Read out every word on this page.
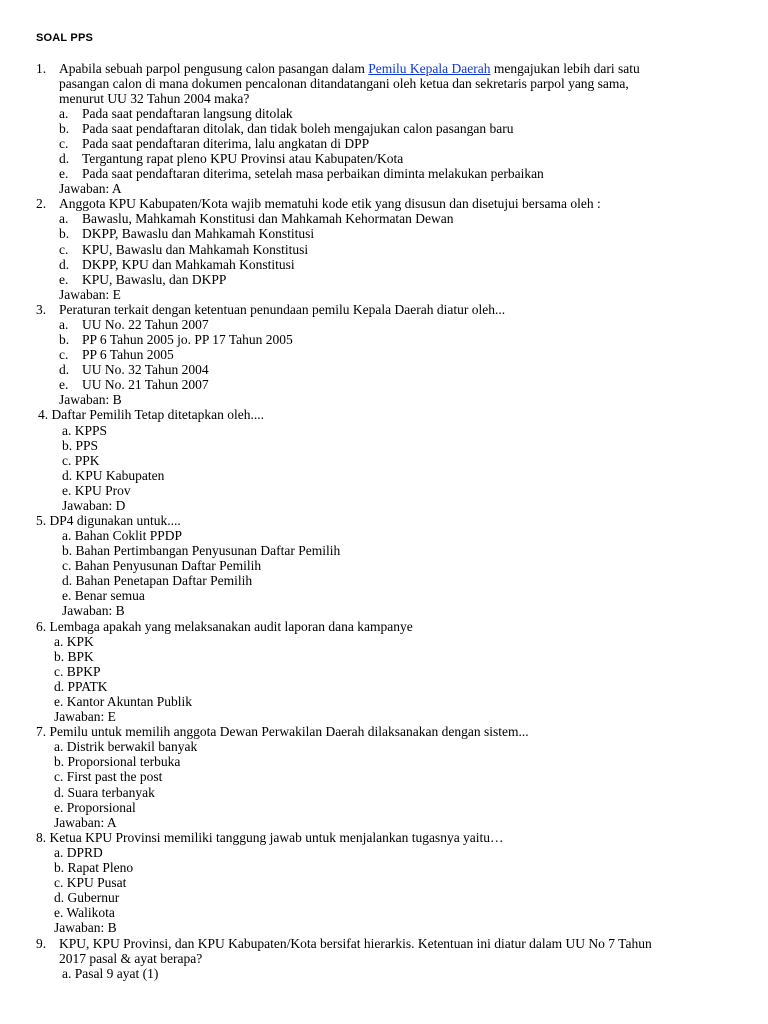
SOAL PPS
1. Apabila sebuah parpol pengusung calon pasangan dalam Pemilu Kepala Daerah mengajukan lebih dari satu
pasangan calon di mana dokumen pencalonan ditandatangani oleh ketua dan sekretaris parpol yang sama,
menurut UU 32 Tahun 2004 maka?
a. Pada saat pendaftaran langsung ditolak
b. Pada saat pendaftaran ditolak, dan tidak boleh mengajukan calon pasangan baru
c. Pada saat pendaftaran diterima, lalu angkatan di DPP
d. Tergantung rapat pleno KPU Provinsi atau Kabupaten/Kota
e. Pada saat pendaftaran diterima, setelah masa perbaikan diminta melakukan perbaikan
Jawaban: A
2. Anggota KPU Kabupaten/Kota wajib mematuhi kode etik yang disusun dan disetujui bersama oleh :
a. Bawaslu, Mahkamah Konstitusi dan Mahkamah Kehormatan Dewan
b. DKPP, Bawaslu dan Mahkamah Konstitusi
c. KPU, Bawaslu dan Mahkamah Konstitusi
d. DKPP, KPU dan Mahkamah Konstitusi
e. KPU, Bawaslu, dan DKPP
Jawaban: E
3. Peraturan terkait dengan ketentuan penundaan pemilu Kepala Daerah diatur oleh...
a. UU No. 22 Tahun 2007
b. PP 6 Tahun 2005 jo. PP 17 Tahun 2005
c. PP 6 Tahun 2005
d. UU No. 32 Tahun 2004
e. UU No. 21 Tahun 2007
Jawaban: B
4. Daftar Pemilih Tetap ditetapkan oleh....
a. KPPS
b. PPS
c. PPK
d. KPU Kabupaten
e. KPU Prov
Jawaban: D
5. DP4 digunakan untuk....
a. Bahan Coklit PPDP
b. Bahan Pertimbangan Penyusunan Daftar Pemilih
c. Bahan Penyusunan Daftar Pemilih
d. Bahan Penetapan Daftar Pemilih
e. Benar semua
Jawaban: B
6. Lembaga apakah yang melaksanakan audit laporan dana kampanye
a. KPK
b. BPK
c. BPKP
d. PPATK
e. Kantor Akuntan Publik
Jawaban: E
7. Pemilu untuk memilih anggota Dewan Perwakilan Daerah dilaksanakan dengan sistem...
a. Distrik berwakil banyak
b. Proporsional terbuka
c. First past the post
d. Suara terbanyak
e. Proporsional
Jawaban: A
8. Ketua KPU Provinsi memiliki tanggung jawab untuk menjalankan tugasnya yaitu…
a. DPRD
b. Rapat Pleno
c. KPU Pusat
d. Gubernur
e. Walikota
Jawaban: B
9. KPU, KPU Provinsi, dan KPU Kabupaten/Kota bersifat hierarkis. Ketentuan ini diatur dalam UU No 7 Tahun
2017 pasal & ayat berapa?
a. Pasal 9 ayat (1)
